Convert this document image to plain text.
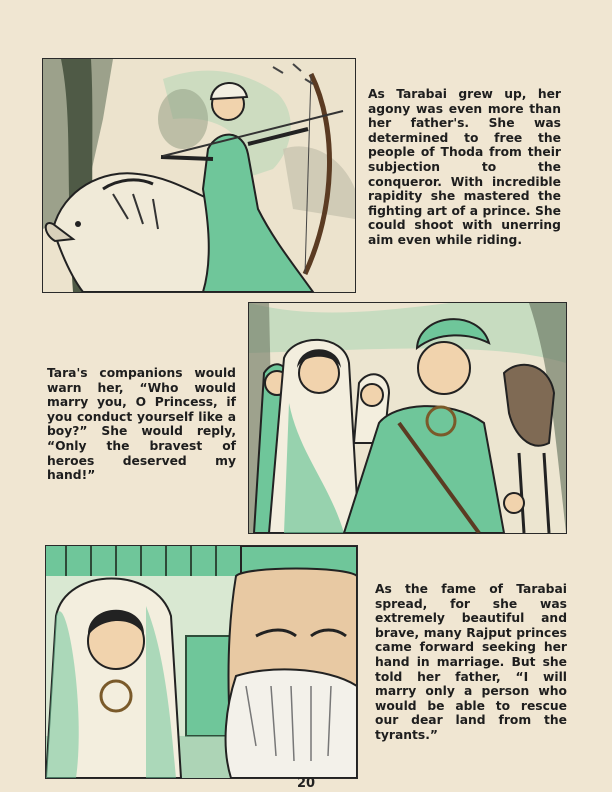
As Tarabai grew up, her agony was even more than her father's. She was determined to free the people of Thoda from their subjection to the conqueror. With incredible rapidity she mastered the fighting art of a prince. She could shoot with unerring aim even while riding.

Tara's companions would warn her, “Who would marry you, O Princess, if you conduct yourself like a boy?” She would reply, “Only the bravest of heroes deserved my hand!”

As the fame of Tarabai spread, for she was extremely beautiful and brave, many Rajput princes came forward seeking her hand in marriage. But she told her father, “I will marry only a person who would be able to rescue our dear land from the tyrants.”

20
